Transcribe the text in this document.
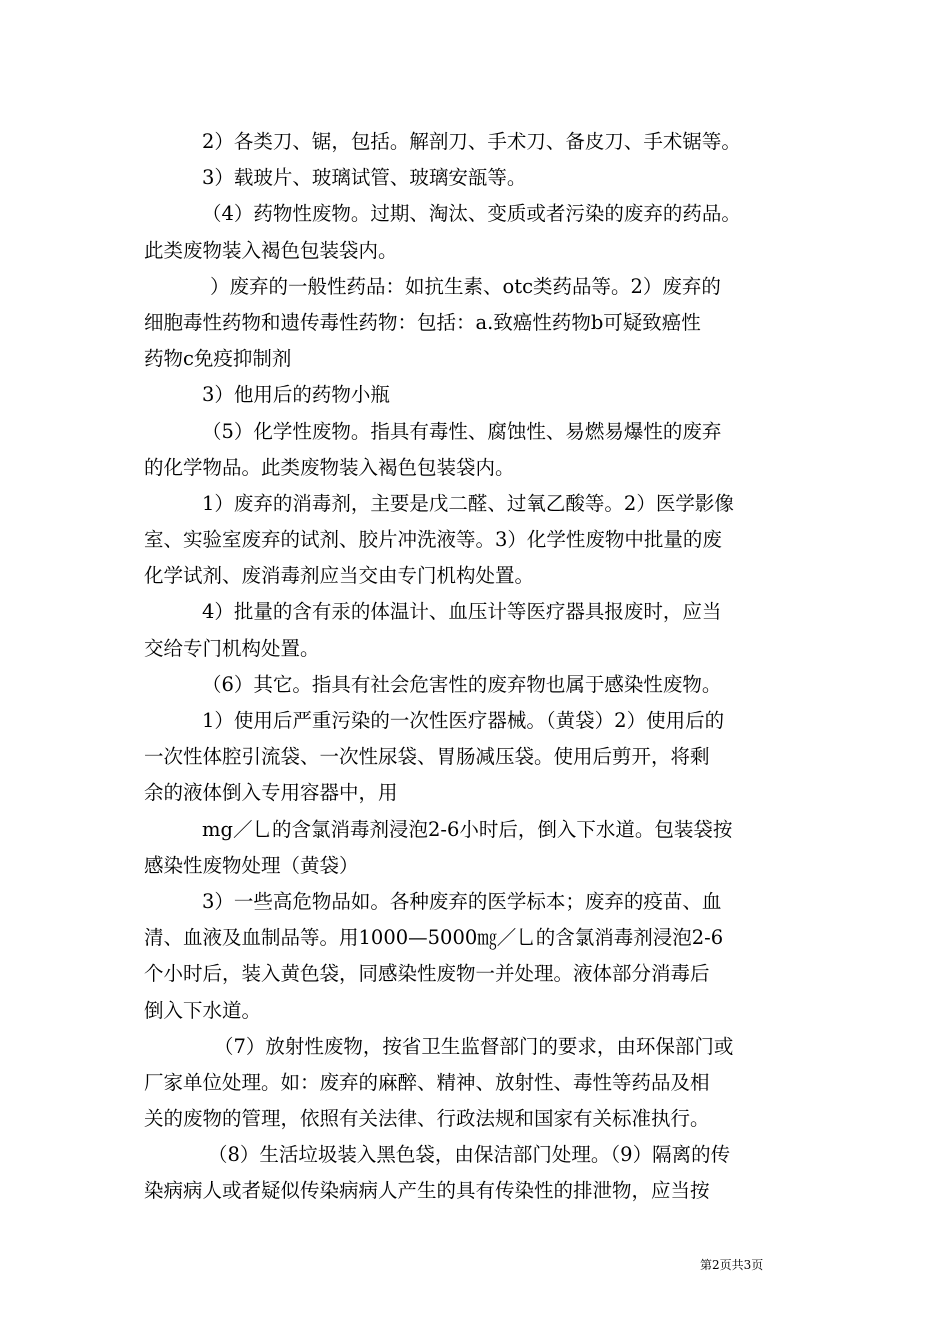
2）各类刀、锯，包括。解剖刀、手术刀、备皮刀、手术锯等。
3）载玻片、玻璃试管、玻璃安瓿等。
（4）药物性废物。过期、淘汰、变质或者污染的废弃的药品。
此类废物装入褐色包装袋内。
）废弃的一般性药品：如抗生素、otc类药品等。2）废弃的
细胞毒性药物和遗传毒性药物：包括：a.致癌性药物b可疑致癌性
药物c免疫抑制剂
3）他用后的药物小瓶
（5）化学性废物。指具有毒性、腐蚀性、易燃易爆性的废弃
的化学物品。此类废物装入褐色包装袋内。
1）废弃的消毒剂，主要是戊二醛、过氧乙酸等。2）医学影像
室、实验室废弃的试剂、胶片冲洗液等。3）化学性废物中批量的废
化学试剂、废消毒剂应当交由专门机构处置。
4）批量的含有汞的体温计、血压计等医疗器具报废时，应当
交给专门机构处置。
（6）其它。指具有社会危害性的废弃物也属于感染性废物。
1）使用后严重污染的一次性医疗器械。（黄袋）2）使用后的
一次性体腔引流袋、一次性尿袋、胃肠减压袋。使用后剪开，将剩
余的液体倒入专用容器中，用
mg／乚的含氯消毒剂浸泡2-6小时后，倒入下水道。包装袋按
感染性废物处理（黄袋）
3）一些高危物品如。各种废弃的医学标本；废弃的疫苗、血
清、血液及血制品等。用1000—5000㎎／乚的含氯消毒剂浸泡2-6
个小时后，装入黄色袋，同感染性废物一并处理。液体部分消毒后
倒入下水道。
（7）放射性废物，按省卫生监督部门的要求，由环保部门或
厂家单位处理。如：废弃的麻醉、精神、放射性、毒性等药品及相
关的废物的管理，依照有关法律、行政法规和国家有关标准执行。
（8）生活垃圾装入黑色袋，由保洁部门处理。（9）隔离的传
染病病人或者疑似传染病病人产生的具有传染性的排泄物，应当按
第2页共3页
